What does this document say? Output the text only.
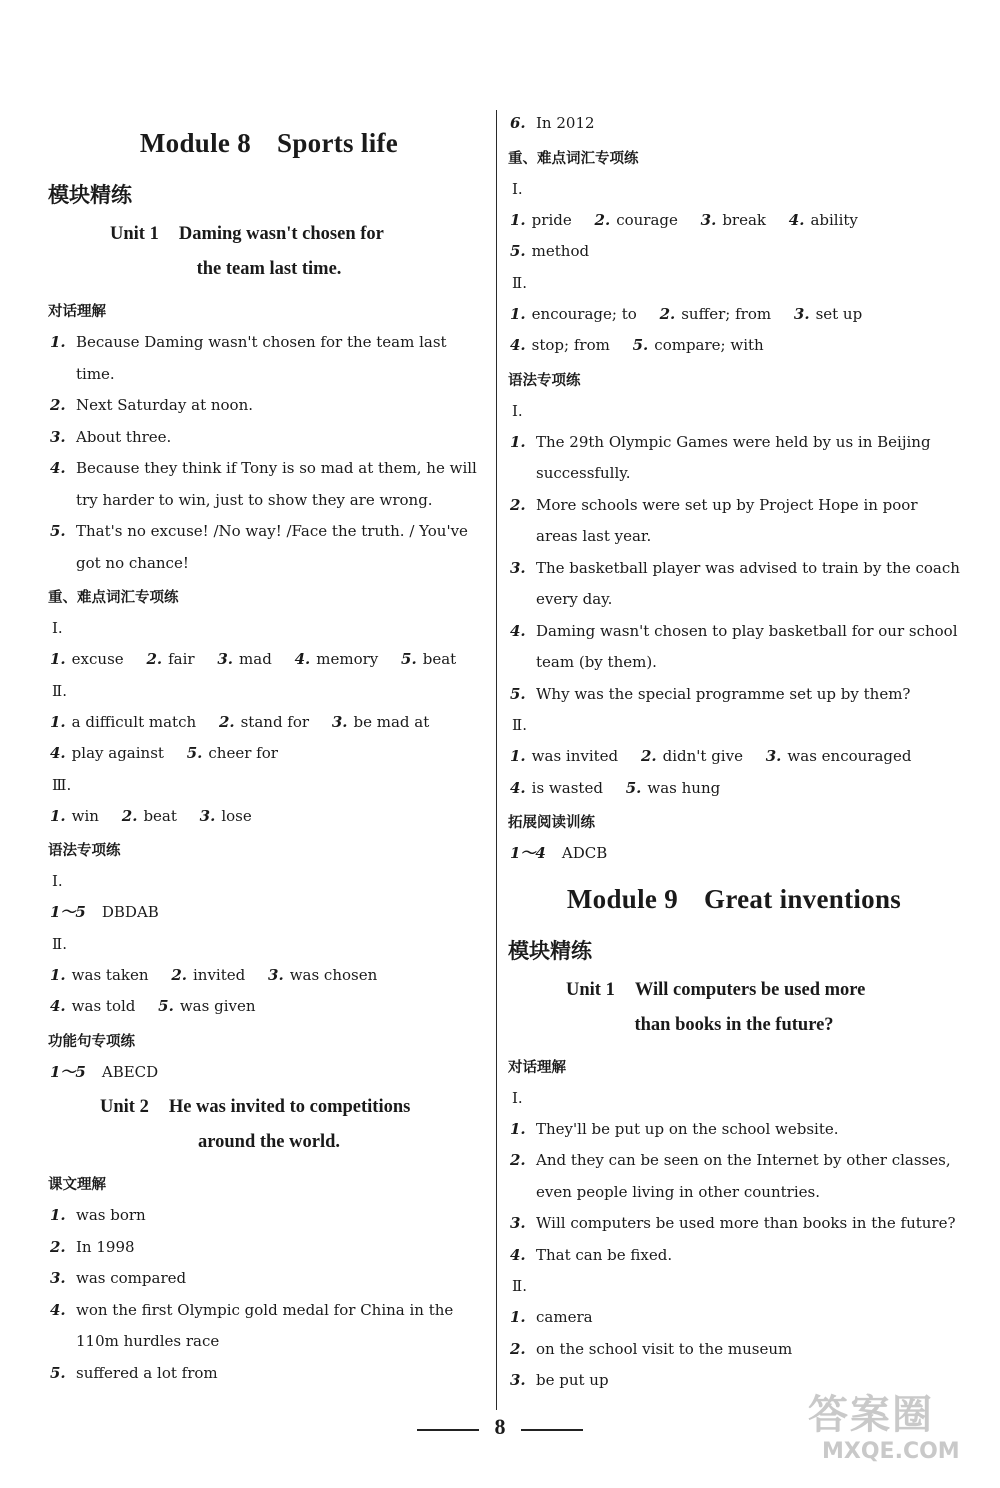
Module 8 Sports life
模块精练
Unit 1 Daming wasn't chosen for
the team last time.
对话理解
1. Because Daming wasn't chosen for the team last time.
2. Next Saturday at noon.
3. About three.
4. Because they think if Tony is so mad at them, he will try harder to win, just to show they are wrong.
5. That's no excuse! /No way! /Face the truth. / You've got no chance!
重、难点词汇专项练
Ⅰ.
1. excuse 2. fair 3. mad 4. memory 5. beat
Ⅱ.
1. a difficult match 2. stand for 3. be mad at
4. play against 5. cheer for
Ⅲ.
1. win 2. beat 3. lose
语法专项练
Ⅰ.
1～5 DBDAB
Ⅱ.
1. was taken 2. invited 3. was chosen
4. was told 5. was given
功能句专项练
1～5 ABECD
Unit 2 He was invited to competitions
around the world.
课文理解
1. was born
2. In 1998
3. was compared
4. won the first Olympic gold medal for China in the 110m hurdles race
5. suffered a lot from
6. In 2012
重、难点词汇专项练
Ⅰ.
1. pride 2. courage 3. break 4. ability
5. method
Ⅱ.
1. encourage; to 2. suffer; from 3. set up
4. stop; from 5. compare; with
语法专项练
Ⅰ.
1. The 29th Olympic Games were held by us in Beijing successfully.
2. More schools were set up by Project Hope in poor areas last year.
3. The basketball player was advised to train by the coach every day.
4. Daming wasn't chosen to play basketball for our school team (by them).
5. Why was the special programme set up by them?
Ⅱ.
1. was invited 2. didn't give 3. was encouraged
4. is wasted 5. was hung
拓展阅读训练
1～4 ADCB
Module 9 Great inventions
模块精练
Unit 1 Will computers be used more
than books in the future?
对话理解
Ⅰ.
1. They'll be put up on the school website.
2. And they can be seen on the Internet by other classes, even people living in other countries.
3. Will computers be used more than books in the future?
4. That can be fixed.
Ⅱ.
1. camera
2. on the school visit to the museum
3. be put up
8	答案圈
MXQE.COM
